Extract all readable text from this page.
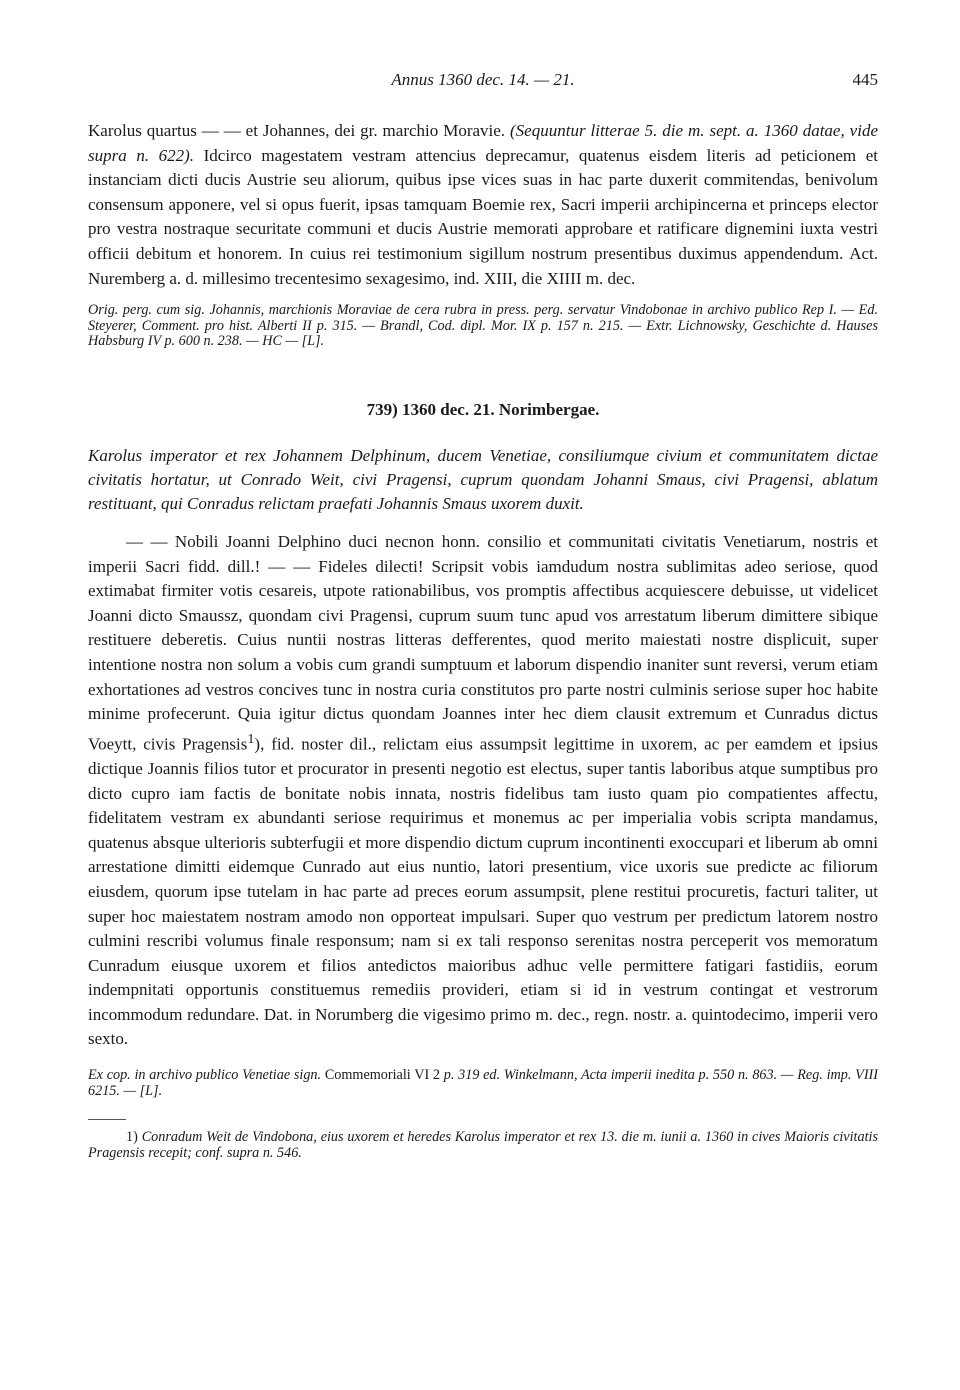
Annus 1360 dec. 14. — 21.	445

Karolus quartus — — et Johannes, dei gr. marchio Moravie. (Sequuntur litterae 5. die m. sept. a. 1360 datae, vide supra n. 622). Idcirco magestatem vestram attencius deprecamur, quatenus eisdem literis ad peticionem et instanciam dicti ducis Austrie seu aliorum, quibus ipse vices suas in hac parte duxerit commitendas, benivolum consensum apponere, vel si opus fuerit, ipsas tamquam Boemie rex, Sacri imperii archipincerna et princeps elector pro vestra nostraque securitate communi et ducis Austrie memorati approbare et ratificare dignemini iuxta vestri officii debitum et honorem. In cuius rei testimonium sigillum nostrum presentibus duximus appendendum. Act. Nuremberg a. d. millesimo trecentesimo sexagesimo, ind. XIII, die XIIII m. dec.

Orig. perg. cum sig. Johannis, marchionis Moraviae de cera rubra in press. perg. servatur Vindobonae in archivo publico Rep I. — Ed. Steyerer, Comment. pro hist. Alberti II p. 315. — Brandl, Cod. dipl. Mor. IX p. 157 n. 215. — Extr. Lichnowsky, Geschichte d. Hauses Habsburg IV p. 600 n. 238. — HC — [L].

739) 1360 dec. 21. Norimbergae.

Karolus imperator et rex Johannem Delphinum, ducem Venetiae, consiliumque civium et communitatem dictae civitatis hortatur, ut Conrado Weit, civi Pragensi, cuprum quondam Johanni Smaus, civi Pragensi, ablatum restituant, qui Conradus relictam praefati Johannis Smaus uxorem duxit.

— — Nobili Joanni Delphino duci necnon honn. consilio et communitati civitatis Venetiarum, nostris et imperii Sacri fidd. dill.! — — Fideles dilecti! Scripsit vobis iamdudum nostra sublimitas adeo seriose, quod extimabat firmiter votis cesareis, utpote rationabilibus, vos promptis affectibus acquiescere debuisse, ut videlicet Joanni dicto Smaussz, quondam civi Pragensi, cuprum suum tunc apud vos arrestatum liberum dimittere sibique restituere deberetis. Cuius nuntii nostras litteras defferentes, quod merito maiestati nostre displicuit, super intentione nostra non solum a vobis cum grandi sumptuum et laborum dispendio inaniter sunt reversi, verum etiam exhortationes ad vestros concives tunc in nostra curia constitutos pro parte nostri culminis seriose super hoc habite minime profecerunt. Quia igitur dictus quondam Joannes inter hec diem clausit extremum et Cunradus dictus Voeytt, civis Pragensis$^1$), fid. noster dil., relictam eius assumpsit legittime in uxorem, ac per eamdem et ipsius dictique Joannis filios tutor et procurator in presenti negotio est electus, super tantis laboribus atque sumptibus pro dicto cupro iam factis de bonitate nobis innata, nostris fidelibus tam iusto quam pio compatientes affectu, fidelitatem vestram ex abundanti seriose requirimus et monemus ac per imperialia vobis scripta mandamus, quatenus absque ulterioris subterfugii et more dispendio dictum cuprum incontinenti exoccupari et liberum ab omni arrestatione dimitti eidemque Cunrado aut eius nuntio, latori presentium, vice uxoris sue predicte ac filiorum eiusdem, quorum ipse tutelam in hac parte ad preces eorum assumpsit, plene restitui procuretis, facturi taliter, ut super hoc maiestatem nostram amodo non opporteat impulsari. Super quo vestrum per predictum latorem nostro culmini rescribi volumus finale responsum; nam si ex tali responso serenitas nostra perceperit vos memoratum Cunradum eiusque uxorem et filios antedictos maioribus adhuc velle permittere fatigari fastidiis, eorum indempnitati opportunis constituemus remediis provideri, etiam si id in vestrum contingat et vestrorum incommodum redundare. Dat. in Norumberg die vigesimo primo m. dec., regn. nostr. a. quintodecimo, imperii vero sexto.

Ex cop. in archivo publico Venetiae sign. Commemoriali VI 2 p. 319 ed. Winkelmann, Acta imperii inedita p. 550 n. 863. — Reg. imp. VIII 6215. — [L].

1) Conradum Weit de Vindobona, eius uxorem et heredes Karolus imperator et rex 13. die m. iunii a. 1360 in cives Maioris civitatis Pragensis recepit; conf. supra n. 546.
